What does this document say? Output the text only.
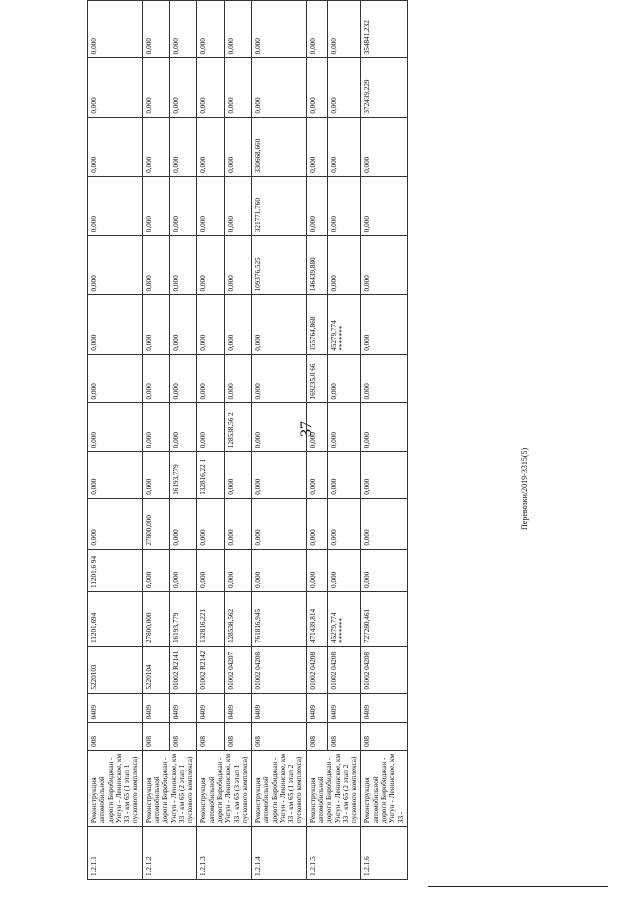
37
1.2.1.1	Реконструкция автомобильной дороги Биробиджан - Унгун - Ленинское, км 33 - км 65 (1 этап 1 пускового комплекса)	008	0409	5220103	11201,694	11201,6 94	0,000	0,000	0,000	0,000	0,000	0,000	0,000	0,000	0,000	0,000
1.2.1.2	Реконструкция автомобильной дороги Биробиджан - Унгун - Ленинское, км 33 - км 65 (2 этап 1 пускового комплекса)	008	0409	5220104	27800,000	0,000	27800,000	0,000	0,000	0,000	0,000	0,000	0,000	0,000	0,000	0,000
		008	0409	01002 R2141	16193,779	0,000	0,000	16193,779	0,000	0,000	0,000	0,000	0,000	0,000	0,000	0,000
1.2.1.3	Реконструкция автомобильной дороги Биробиджан - Унгун - Ленинское, км 33 - км 65 (3 этап 1 пускового комплекса)	008	0409	01002 R2142	132816,221	0,000	0,000	132816,22 1	0,000	0,000	0,000	0,000	0,000	0,000	0,000	0,000
		008	0409	01002 04207	128538,562	0,000	0,000	0,000	128538,56 2	0,000	0,000	0,000	0,000	0,000	0,000	0,000
1.2.1.4	Реконструкция автомобильной дороги Биробиджан - Унгун - Ленинское, км 33 - км 65 (1 этап 2 пускового комплекса)	008	0409	01002 04208	761816,945	0,000	0,000	0,000	0,000	0,000	0,000	109376,525	321771,760	330668,660	0,000	0,000
1.2.1.5	Реконструкция автомобильной дороги Биробиджан - Унгун - Ленинское, км 33 - км 65 (2 этап 2 пускового комплекса)	008	0409	01002 04208	471439,814	0,000	0,000	0,000	0,000	169235,0 66	155764,868	146439,880	0,000	0,000	0,000	0,000
		008	0409	01002 04208	45279,774 *******	0,000	0,000	0,000	0,000	0,000	45279,774 *******	0,000	0,000	0,000	0,000	0,000
1.2.1.6	Реконструкция автомобильной дороги Биробиджан - Унгун - Ленинское, км 33 -	008	0409	01002 04208	727280,461	0,000	0,000	0,000	0,000	0,000	0,000	0,000	0,000	0,000	372439,229	354841,232
Перевозки/2019-3315(5)
